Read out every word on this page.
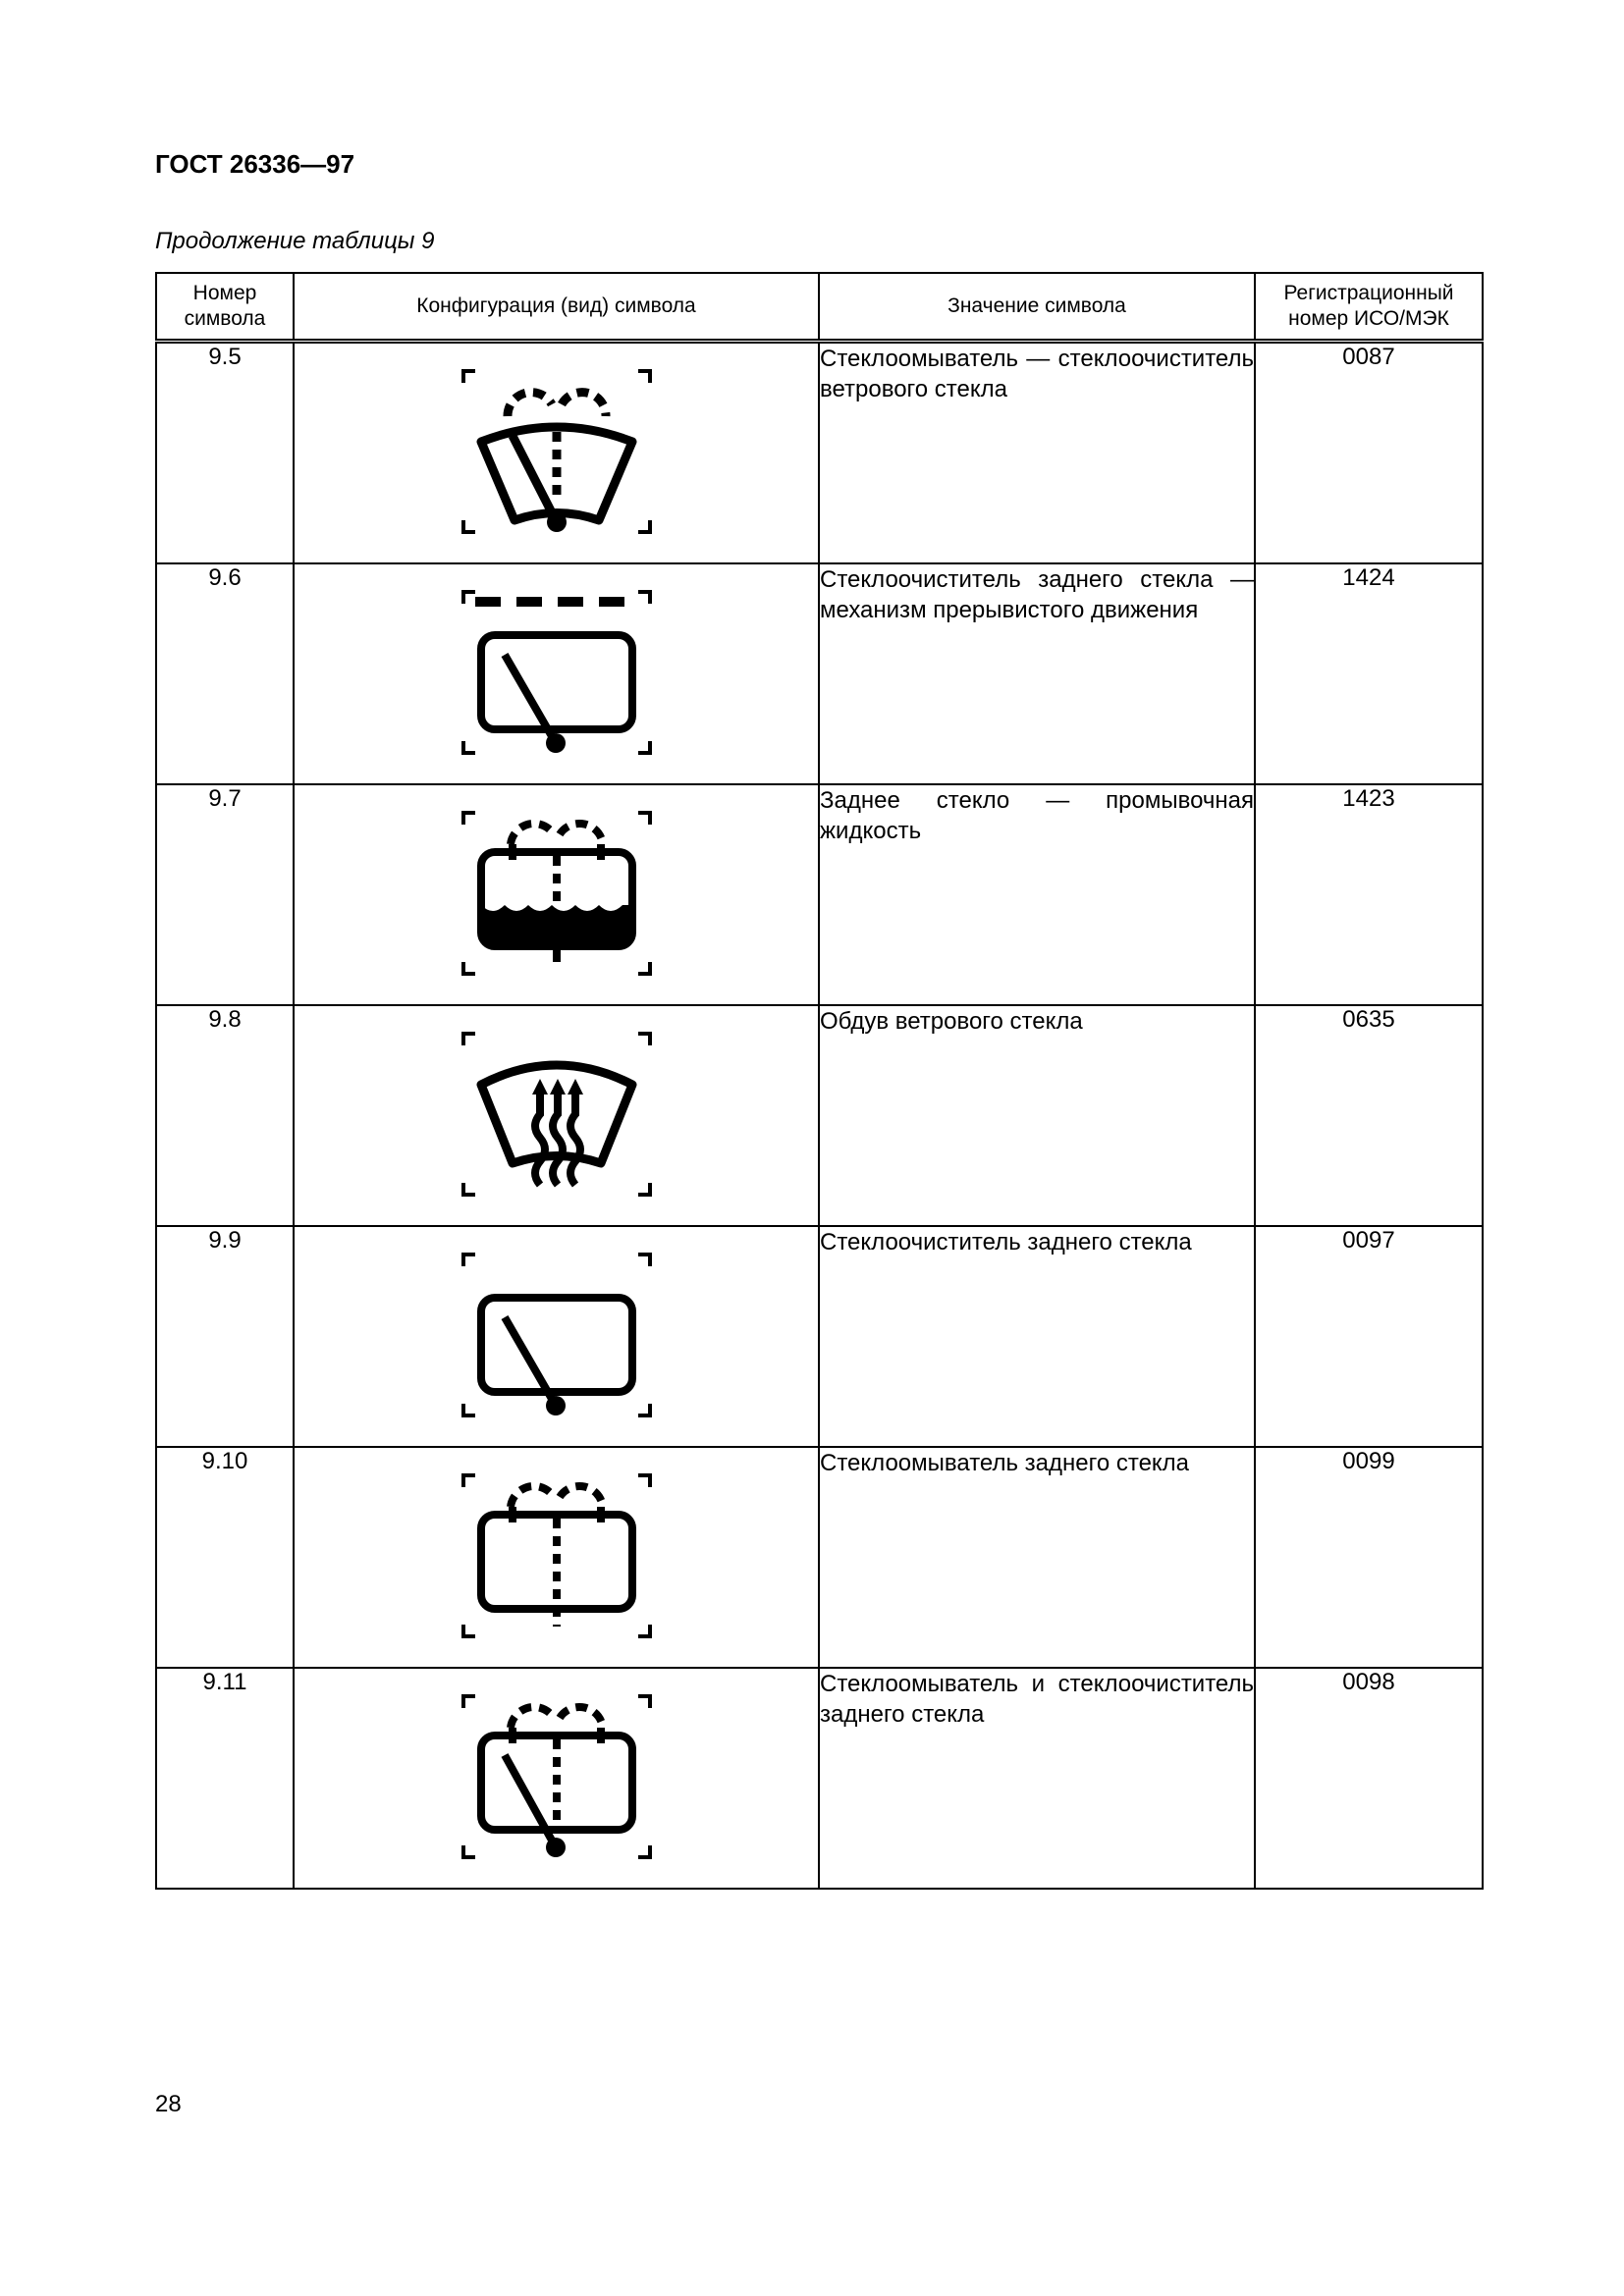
ГОСТ 26336—97
Продолжение таблицы 9
Номер символа	Конфигурация (вид) символа	Значение символа	Регистрационный номер ИСО/МЭК
9.5		Стеклоомыватель — стеклоочиститель ветрового стекла	0087
9.6		Стеклоочиститель заднего стекла — механизм прерывистого движения	1424
9.7		Заднее стекло — промывочная жидкость	1423
9.8		Обдув ветрового стекла	0635
9.9		Стеклоочиститель заднего стекла	0097
9.10		Стеклоомыватель заднего стекла	0099
9.11		Стеклоомыватель и стеклоочиститель заднего стекла	0098
28
